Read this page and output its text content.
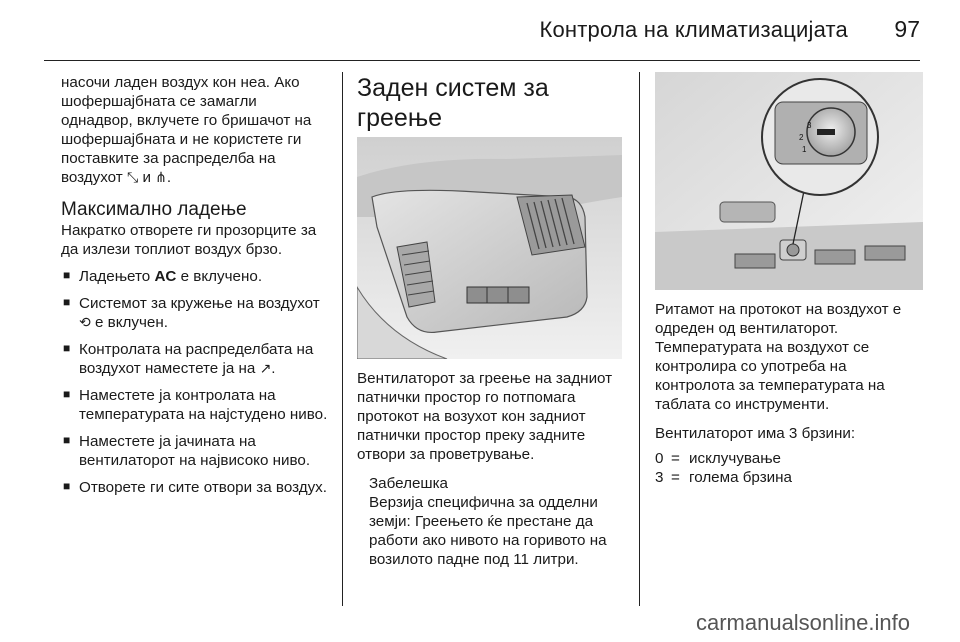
Контрола на климатизацијата 97

насочи ладен воздух кон неа. Ако шофершајбната се замагли однадвор, вклучете го бришачот на шофершајбната и не користете ги поставките за распределба на воздухот ⤡ и ⋔.

Максимално ладење

Накратко отворете ги прозорците за да излези топлиот воздух брзо.

■ Ладењето AC е вклучено.

■ Системот за кружење на воздухот ⟲ е вклучен.

■ Контролата на распределбата на воздухот наместете ја на ↗.

■ Наместете ја контролата на температурата на најстудено ниво.

■ Наместете ја јачината на вентилаторот на највисоко ниво.

■ Отворете ги сите отвори за воздух.

Заден систем за греење

Вентилаторот за греење на задниот патнички простор го потпомага протокот на возухот кон задниот патнички простор преку задните отвори за проветрување.

Забелешка

Верзија специфична за одделни земји: Греењето ќе престане да работи ако нивото на горивото на возилото падне под 11 литри.

3
2
1

Ритамот на протокот на воздухот е одреден од вентилаторот. Температурата на воздухот се контролира со употреба на контролота за температурата на таблата со инструменти.

Вентилаторот има 3 брзини:

0	=	исклучување
3	=	голема брзина
carmanualsonline.info
